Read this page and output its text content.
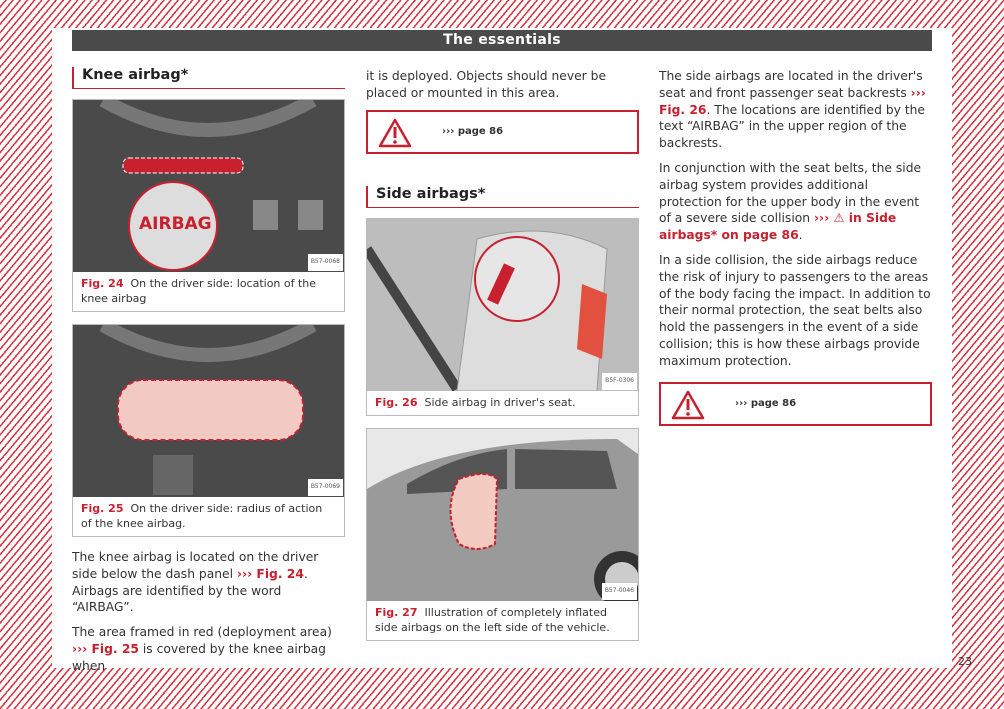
The essentials
Knee airbag*
AIRBAG
B57-0068
Fig. 24 On the driver side: location of the knee airbag
B57-0069
Fig. 25 On the driver side: radius of action of the knee airbag.

The knee airbag is located on the driver side below the dash panel ››› Fig. 24. Airbags are identified by the word “AIRBAG”.

The area framed in red (deployment area) ››› Fig. 25 is covered by the knee airbag when

it is deployed. Objects should never be placed or mounted in this area.

››› page 86
Side airbags*
B5F-0306
Fig. 26 Side airbag in driver's seat.
B57-0046
Fig. 27 Illustration of completely inflated side airbags on the left side of the vehicle.

The side airbags are located in the driver's seat and front passenger seat backrests ››› Fig. 26. The locations are identified by the text “AIRBAG” in the upper region of the backrests.

In conjunction with the seat belts, the side airbag system provides additional protection for the upper body in the event of a severe side collision ››› ⚠ in Side airbags* on page 86.

In a side collision, the side airbags reduce the risk of injury to passengers to the areas of the body facing the impact. In addition to their normal protection, the seat belts also hold the passengers in the event of a side collision; this is how these airbags provide maximum protection.

››› page 86
23
